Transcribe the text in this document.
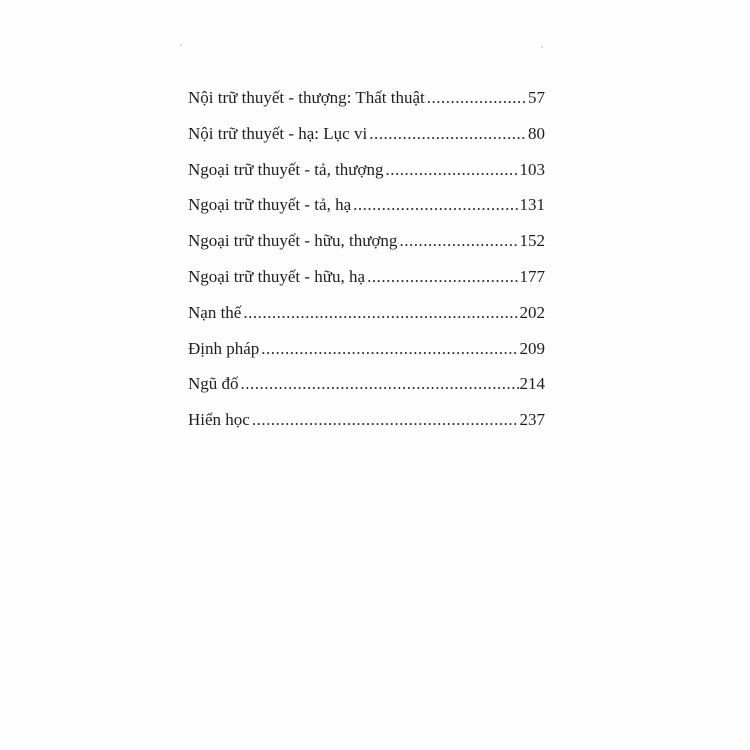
Nội trữ thuyết - thượng: Thất thuật .....	57
Nội trữ thuyết - hạ: Lục vi .....	80
Ngoại trữ thuyết - tả, thượng .....	103
Ngoại trữ thuyết - tả, hạ .....	131
Ngoại trữ thuyết - hữu, thượng .....	152
Ngoại trữ thuyết - hữu, hạ .....	177
Nạn thế .....	202
Định pháp .....	209
Ngũ đố .....	214
Hiển học .....	237
